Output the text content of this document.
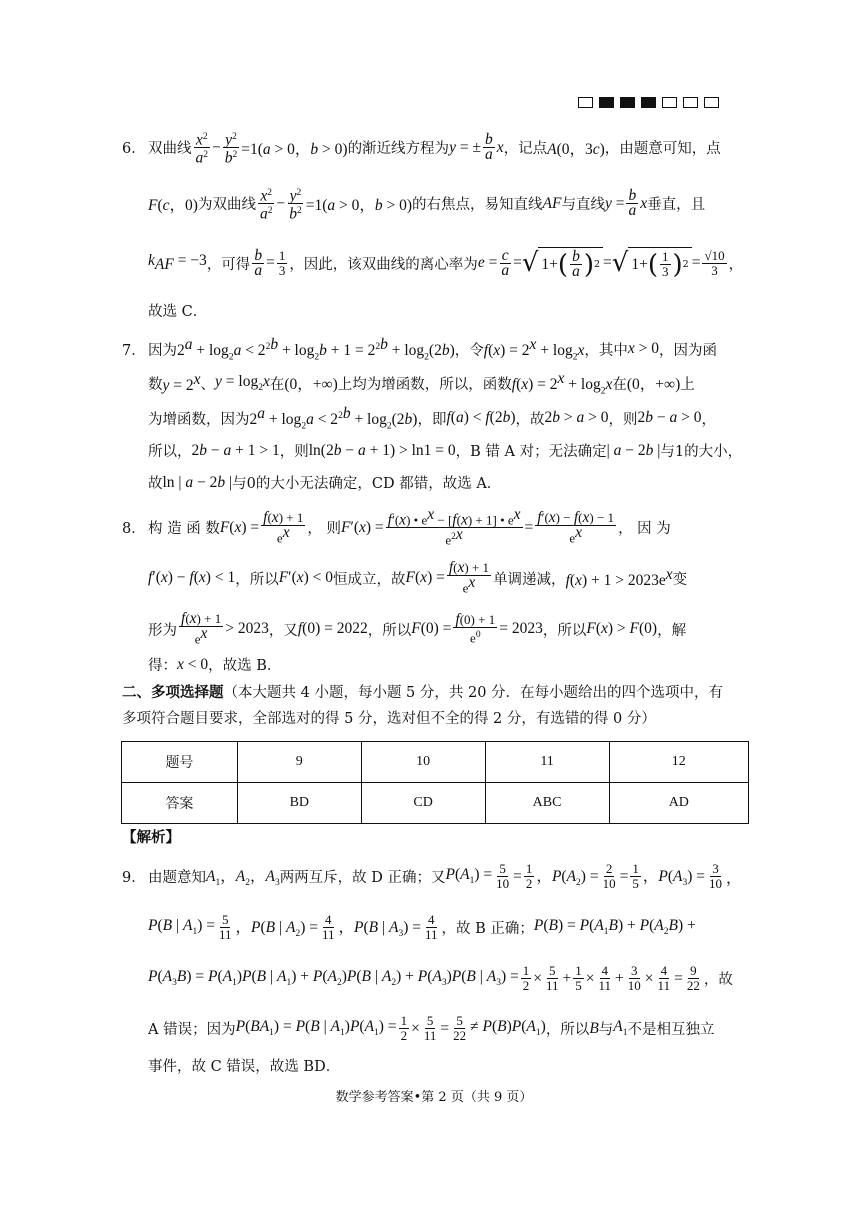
6． 双曲线 $\frac{x^2}{a^2} - \frac{y^2}{b^2} =1(a > 0$，b > 0) 的渐近线方程为 y = ± $\frac{b}{a}$ x ，记点 A(0，3c) ，由题意可知，点
F(c，0) 为双曲线 $\frac{x^2}{a^2} - \frac{y^2}{b^2} =1(a > 0$，b > 0) 的右焦点，易知直线 AF 与直线 $y = \frac{b}{a}$ x 垂直，且
$k_{AF} = -3$ ，可得 $\frac{b}{a} = \frac{1}{3}$ ，因此，该双曲线的离心率为 $e = \frac{c}{a}$ = √ 1+ ( $\frac{b}{a}$ ) 2 = √ 1+ ( $\frac{1}{3}$ ) $2 = \frac{√10}{3}$ ，
故选 C．
7． 因为 $2^a + \log_2a < 2^{2b} + \log_2b + 1 = 2^{2b} + \log_2(2b)$ ，令 $f(x) = 2^x + \log_2x$ ，其中 x > 0 ，因为函
数 $y = 2^x$ 、 $y = \log_2x$ 在 (0，+∞) 上均为增函数，所以，函数 $f(x) = 2^x + \log_2x$ 在 (0，+∞) 上
为增函数，因为 $2^a + \log_2a < 2^{2b} + \log_2(2b)$ ，即 f(a) < f(2b) ，故 2b > a > 0 ，则 2b − a > 0 ，
所以， 2b − a + 1 > 1 ，则 ln(2b − a + 1) > ln1 = 0 ，B 错 A 对；无法确定 | a − 2b | 与1的大小，
故 ln | a − 2b | 与0的大小无法确定，CD 都错，故选 A．
8． 构 造 函 数 $F(x) = \frac{f(x) + 1}{e^x}$ ， 则 $F'(x) = \frac{f'(x) • e^x - [f(x) + 1] • e^x}{e^{2x}} = \frac{f'(x) - f(x) - 1}{e^x}$ ， 因 为
f′(x) − f(x) < 1 ，所以 F′(x) < 0 恒成立，故 $F(x) = \frac{f(x) + 1}{e^x}$ 单调递减， $f(x) + 1 > 2023e^x$ 变
形为 $\frac{f(x) + 1}{e^x} > 2023$ ，又 f(0) = 2022 ，所以 $F(0) = \frac{f(0) + 1}{e^0} = 2023$ ，所以 F(x) > F(0) ，解
得： x < 0 ，故选 B．
二、多项选择题（本大题共 4 小题，每小题 5 分，共 20 分．在每小题给出的四个选项中，有
多项符合题目要求，全部选对的得 5 分，选对但不全的得 2 分，有选错的得 0 分）
题号	9	10	11	12
答案	BD	CD	ABC	AD
【解析】
9． 由题意知 $A_1$，$A_2$，$A_3$ 两两互斥，故 D 正确；又 $P(A_1) = \frac{5}{10} = \frac{1}{2}$ ，$P(A_2) = \frac{2}{10} = \frac{1}{5}$ ，$P(A_3) = \frac{3}{10}$ ，
P(B | $A_1) = \frac{5}{11}$ ，P(B | $A_2) = \frac{4}{11}$ ，P(B | $A_3) = \frac{4}{11}$ ，故 B 正确； $P(B) = P(A_1B) + P(A_2B)$ +
$P(A_3B) = P(A_1)P(B$ | $A_1) + P(A_2)P(B$ | $A_2) + P(A_3)P(B$ | $A_3) = \frac{1}{2} \times \frac{5}{11} + \frac{1}{5} \times \frac{4}{11} + \frac{3}{10} \times \frac{4}{11} = \frac{9}{22}$ ，故
A 错误；因为 $P(BA_1) = P(B$ | $A_1)P(A_1) = \frac{1}{2} \times \frac{5}{11} = \frac{5}{22} \ne P(B)P(A_1)$ ，所以 B 与 $A_1$ 不是相互独立
事件，故 C 错误，故选 BD．
数学参考答案•第 2 页（共 9 页）
